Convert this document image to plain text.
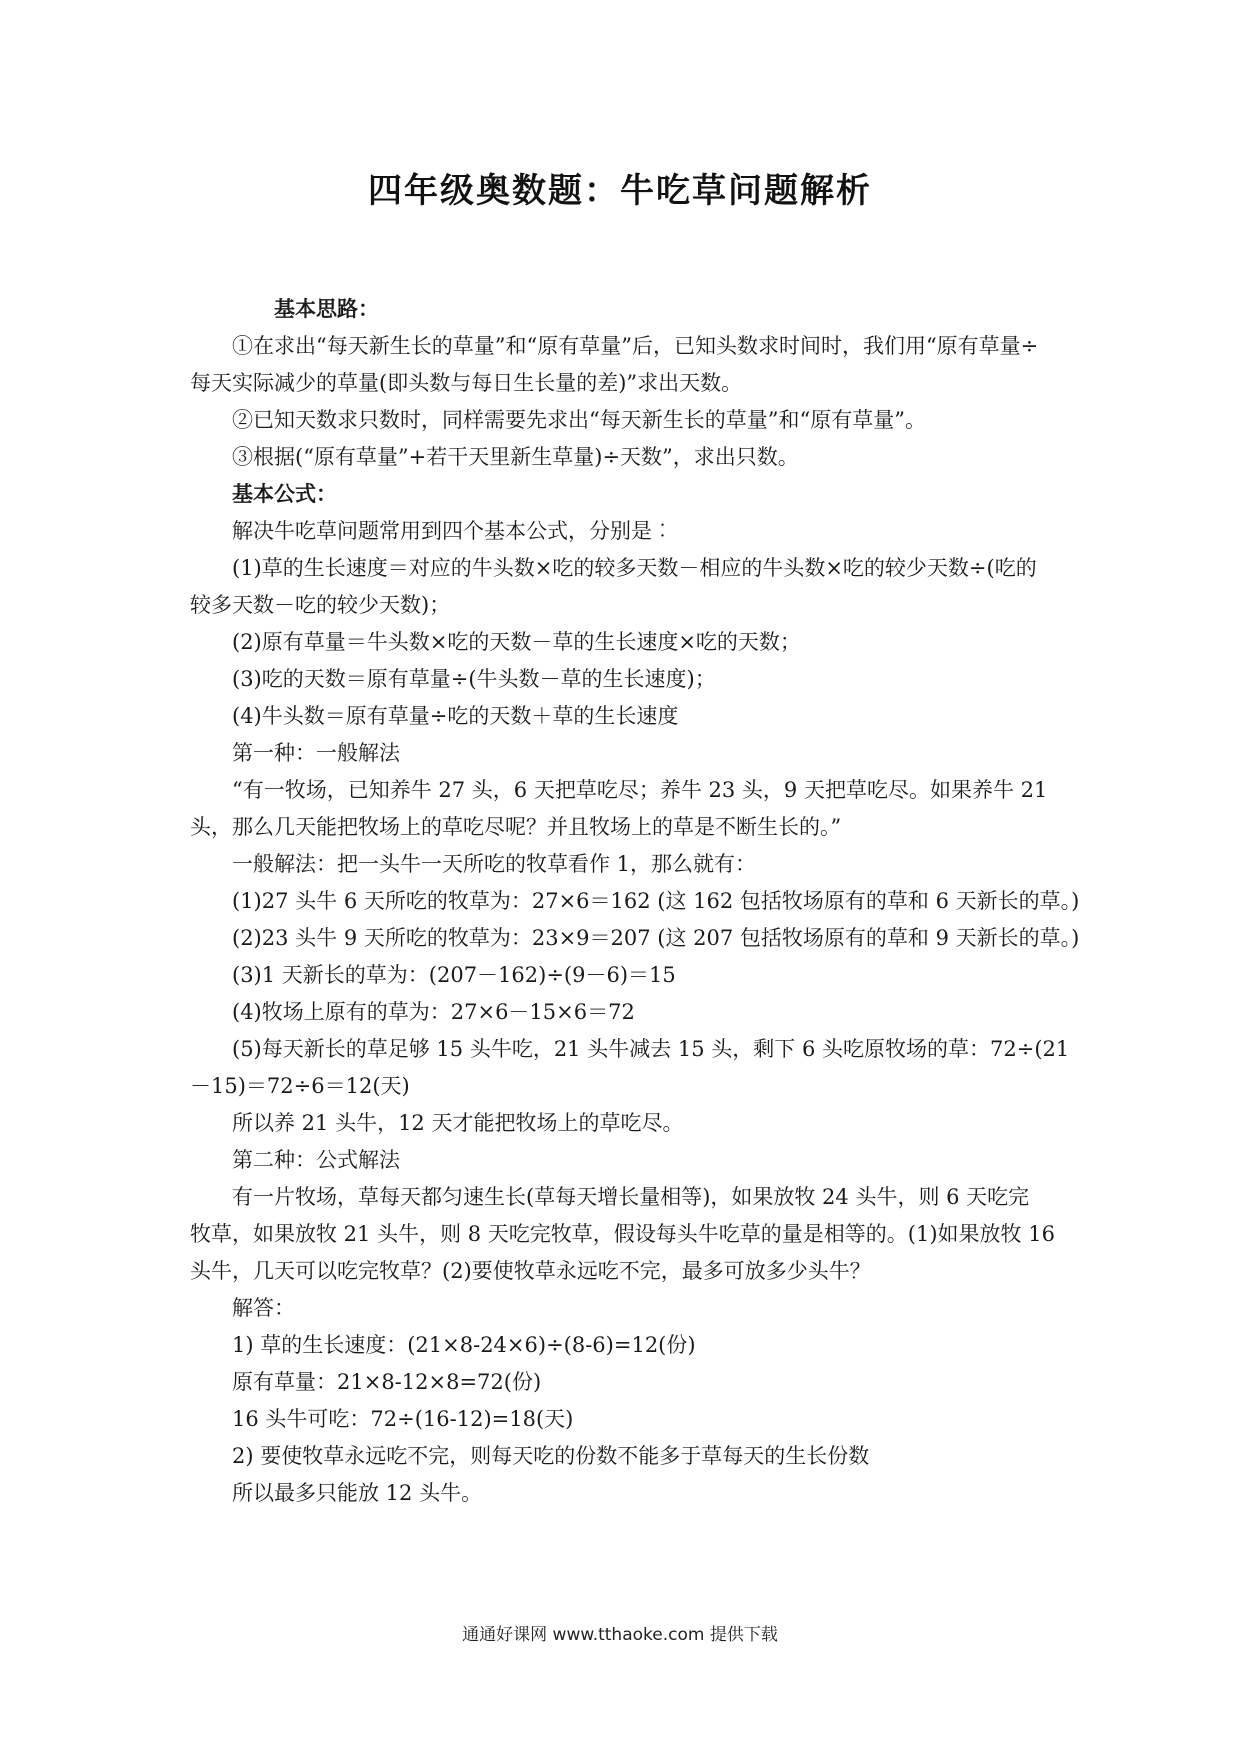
四年级奥数题：牛吃草问题解析
基本思路：
①在求出“每天新生长的草量”和“原有草量”后，已知头数求时间时，我们用“原有草量÷
每天实际减少的草量(即头数与每日生长量的差)”求出天数。
②已知天数求只数时，同样需要先求出“每天新生长的草量”和“原有草量”。
③根据(“原有草量”+若干天里新生草量)÷天数”，求出只数。
基本公式：
解决牛吃草问题常用到四个基本公式，分别是︰
(1)草的生长速度＝对应的牛头数×吃的较多天数－相应的牛头数×吃的较少天数÷(吃的
较多天数－吃的较少天数)；
(2)原有草量＝牛头数×吃的天数－草的生长速度×吃的天数；
(3)吃的天数＝原有草量÷(牛头数－草的生长速度)；
(4)牛头数＝原有草量÷吃的天数＋草的生长速度
第一种：一般解法
“有一牧场，已知养牛 27 头，6 天把草吃尽；养牛 23 头，9 天把草吃尽。如果养牛 21
头，那么几天能把牧场上的草吃尽呢？并且牧场上的草是不断生长的。”
一般解法：把一头牛一天所吃的牧草看作 1，那么就有：
(1)27 头牛 6 天所吃的牧草为：27×6＝162 (这 162 包括牧场原有的草和 6 天新长的草。)
(2)23 头牛 9 天所吃的牧草为：23×9＝207 (这 207 包括牧场原有的草和 9 天新长的草。)
(3)1 天新长的草为：(207－162)÷(9－6)＝15
(4)牧场上原有的草为：27×6－15×6＝72
(5)每天新长的草足够 15 头牛吃，21 头牛减去 15 头，剩下 6 头吃原牧场的草：72÷(21
－15)＝72÷6＝12(天)
所以养 21 头牛，12 天才能把牧场上的草吃尽。
第二种：公式解法
有一片牧场，草每天都匀速生长(草每天增长量相等)，如果放牧 24 头牛，则 6 天吃完
牧草，如果放牧 21 头牛，则 8 天吃完牧草，假设每头牛吃草的量是相等的。(1)如果放牧 16
头牛，几天可以吃完牧草？(2)要使牧草永远吃不完，最多可放多少头牛？
解答：
1) 草的生长速度：(21×8-24×6)÷(8-6)=12(份)
原有草量：21×8-12×8=72(份)
16 头牛可吃：72÷(16-12)=18(天)
2) 要使牧草永远吃不完，则每天吃的份数不能多于草每天的生长份数
所以最多只能放 12 头牛。
通通好课网 www.tthaoke.com 提供下载
